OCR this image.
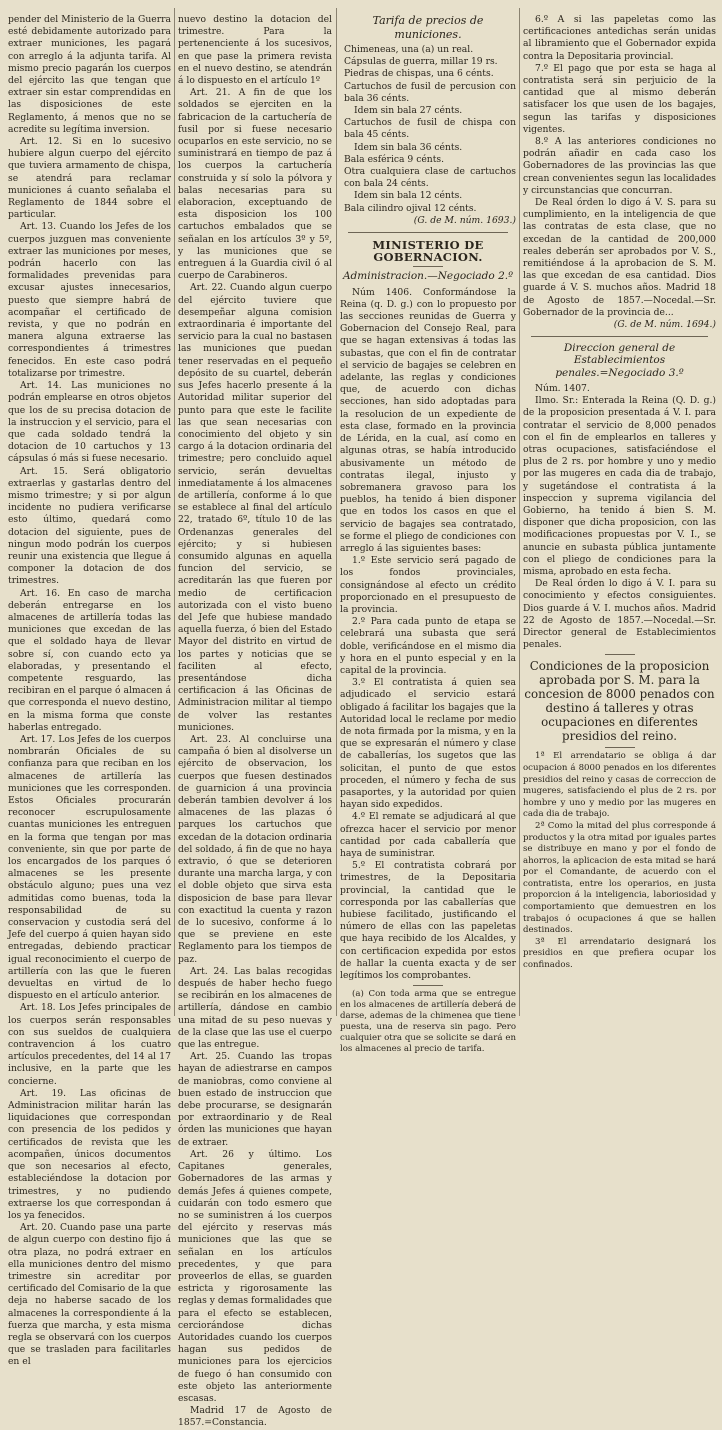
pender del Ministerio de la Guerra esté debidamente autorizado para extraer municiones, les pagará con arreglo á la adjunta tarifa. Al mismo precio pagarán los cuerpos del ejército las que tengan que extraer sin estar comprendidas en las disposiciones de este Reglamento, á menos que no se acredite su legítima inversion.

Art. 12. Si en lo sucesivo hubiere algun cuerpo del ejército que tuviera armamento de chispa, se atendrá para reclamar municiones á cuanto señalaba el Reglamento de 1844 sobre el particular.

Art. 13. Cuando los Jefes de los cuerpos juzguen mas conveniente extraer las municiones por meses, podrán hacerlo con las formalidades prevenidas para excusar ajustes innecesarios, puesto que siempre habrá de acompañar el certificado de revista, y que no podrán en manera alguna extraerse las correspondientes á trimestres fenecidos. En este caso podrá totalizarse por trimestre.

Art. 14. Las municiones no podrán emplearse en otros objetos que los de su precisa dotacion de la instruccion y el servicio, para el que cada soldado tendrá la dotacion de 10 cartuchos y 13 cápsulas ó más si fuese necesario.

Art. 15. Será obligatorio extraerlas y gastarlas dentro del mismo trimestre; y si por algun incidente no pudiera verificarse esto último, quedará como dotacion del siguiente, pues de ningun modo podrán los cuerpos reunir una existencia que llegue á componer la dotacion de dos trimestres.

Art. 16. En caso de marcha deberán entregarse en los almacenes de artillería todas las municiones que excedan de las que el soldado haya de llevar sobre sí, con cuando ecto ya elaboradas, y presentando el competente resguardo, las recibiran en el parque ó almacen á que corresponda el nuevo destino, en la misma forma que conste haberlas entregado.

Art. 17. Los Jefes de los cuerpos nombrarán Oficiales de su confianza para que reciban en los almacenes de artillería las municiones que les corresponden. Estos Oficiales procurarán reconocer escrupulosamente cuantas municiones les entreguen en la forma que tengan por mas conveniente, sin que por parte de los encargados de los parques ó almacenes se les presente obstáculo alguno; pues una vez admitidas como buenas, toda la responsabilidad de su conservacion y custodia será del Jefe del cuerpo á quien hayan sido entregadas, debiendo practicar igual reconocimiento el cuerpo de artillería con las que le fueren devueltas en virtud de lo dispuesto en el artículo anterior.

Art. 18. Los Jefes principales de los cuerpos serán responsables con sus sueldos de cualquiera contravencion á los cuatro artículos precedentes, del 14 al 17 inclusive, en la parte que les concierne.

Art. 19. Las oficinas de Administracion militar harán las liquidaciones que correspondan con presencia de los pedidos y certificados de revista que les acompañen, únicos documentos que son necesarios al efecto, estableciéndose la dotacion por trimestres, y no pudiendo extraerse los que correspondan á los ya fenecidos.

Art. 20. Cuando pase una parte de algun cuerpo con destino fijo á otra plaza, no podrá extraer en ella municiones dentro del mismo trimestre sin acreditar por certificado del Comisario de la que deja no haberse sacado de los almacenes la correspondiente á la fuerza que marcha, y esta misma regla se observará con los cuerpos que se trasladen para facilitarles en el

nuevo destino la dotacion del trimestre. Para la pertenenciente á los sucesivos, en que pase la primera revista en el nuevo destino, se atendrán á lo dispuesto en el artículo 1º

Art. 21. A fin de que los soldados se ejerciten en la fabricacion de la cartuchería de fusil por si fuese necesario ocuparlos en este servicio, no se suministrará en tiempo de paz á los cuerpos la cartuchería construida y sí solo la pólvora y balas necesarias para su elaboracion, exceptuando de esta disposicion los 100 cartuchos embalados que se señalan en los artículos 3º y 5º, y las municiones que se entreguen á la Guardia civil ó al cuerpo de Carabineros.

Art. 22. Cuando algun cuerpo del ejército tuviere que desempeñar alguna comision extraordinaria é importante del servicio para la cual no bastasen las municiones que puedan tener reservadas en el pequeño depósito de su cuartel, deberán sus Jefes hacerlo presente á la Autoridad militar superior del punto para que este le facilite las que sean necesarias con conocimiento del objeto y sin cargo á la dotacion ordinaria del trimestre; pero concluido aquel servicio, serán devueltas inmediatamente á los almacenes de artillería, conforme á lo que se establece al final del artículo 22, tratado 6º, título 10 de las Ordenanzas generales del ejército; y si hubiesen consumido algunas en aquella funcion del servicio, se acreditarán las que fueren por medio de certificacion autorizada con el visto bueno del Jefe que hubiese mandado aquella fuerza, ó bien del Estado Mayor del distrito en virtud de los partes y noticias que se faciliten al efecto, presentándose dicha certificacion á las Oficinas de Administracion militar al tiempo de volver las restantes municiones.

Art. 23. Al concluirse una campaña ó bien al disolverse un ejército de observacion, los cuerpos que fuesen destinados de guarnicion á una provincia deberán tambien devolver á los almacenes de las plazas ó parques los cartuchos que excedan de la dotacion ordinaria del soldado, á fin de que no haya extravio, ó que se deterioren durante una marcha larga, y con el doble objeto que sirva esta disposicion de base para llevar con exactitud la cuenta y razon de lo sucesivo, conforme á lo que se previene en este Reglamento para los tiempos de paz.

Art. 24. Las balas recogidas después de haber hecho fuego se recibirán en los almacenes de artillería, dándose en cambio una mitad de su peso nuevas y de la clase que las use el cuerpo que las entregue.

Art. 25. Cuando las tropas hayan de adiestrarse en campos de maniobras, como conviene al buen estado de instruccion que debe procurarse, se designarán por extraordinario y de Real órden las municiones que hayan de extraer.

Art. 26 y último. Los Capitanes generales, Gobernadores de las armas y demás Jefes á quienes compete, cuidarán con todo esmero que no se suministren á los cuerpos del ejército y reservas más municiones que las que se señalan en los artículos precedentes, y que para proveerlos de ellas, se guarden estricta y rigorosamente las reglas y demas formalidades que para el efecto se establecen, cerciorándose dichas Autoridades cuando los cuerpos hagan sus pedidos de municiones para los ejercicios de fuego ó han consumido con este objeto las anteriormente escasas.

Madrid 17 de Agosto de 1857.=Constancia.

Tarifa de precios de municiones.
Chimeneas, una (a) un real.
Cápsulas de guerra, millar 19 rs.
Piedras de chispas, una 6 cénts.
Cartuchos de fusil de percusion con bala 36 cénts.
Idem sin bala 27 cénts.
Cartuchos de fusil de chispa con bala 45 cénts.
Idem sin bala 36 cénts.
Bala esférica 9 cénts.
Otra cualquiera clase de cartuchos con bala 24 cénts.
Idem sin bala 12 cénts.
Bala cilindro ojival 12 cénts.
(G. de M. núm. 1693.)
MINISTERIO DE GOBERNACION.
Administracion.—Negociado 2.º

Núm 1406. Conformándose la Reina (q. D. g.) con lo propuesto por las secciones reunidas de Guerra y Gobernacion del Consejo Real, para que se hagan extensivas á todas las subastas, que con el fin de contratar el servicio de bagajes se celebren en adelante, las reglas y condiciones que, de acuerdo con dichas secciones, han sido adoptadas para la resolucion de un expediente de esta clase, formado en la provincia de Lérida, en la cual, así como en algunas otras, se había introducido abusivamente un método de contratas ilegal, injusto y sobremanera gravoso para los pueblos, ha tenido á bien disponer que en todos los casos en que el servicio de bagajes sea contratado, se forme el pliego de condiciones con arreglo á las siguientes bases:

1.º Este servicio será pagado de los fondos provinciales, consignándose al efecto un crédito proporcionado en el presupuesto de la provincia.

2.º Para cada punto de etapa se celebrará una subasta que será doble, verificándose en el mismo dia y hora en el punto especial y en la capital de la provincia.

3.º El contratista á quien sea adjudicado el servicio estará obligado á facilitar los bagajes que la Autoridad local le reclame por medio de nota firmada por la misma, y en la que se expresarán el número y clase de caballerías, los sugetos que las solicitan, el punto de que estos proceden, el número y fecha de sus pasaportes, y la autoridad por quien hayan sido expedidos.

4.º El remate se adjudicará al que ofrezca hacer el servicio por menor cantidad por cada caballería que haya de suministrar.

5.º El contratista cobrará por trimestres, de la Depositaria provincial, la cantidad que le corresponda por las caballerías que hubiese facilitado, justificando el número de ellas con las papeletas que haya recibido de los Alcaldes, y con certificacion expedida por estos de hallar la cuenta exacta y de ser legítimos los comprobantes.

(a) Con toda arma que se entregue en los almacenes de artillería deberá de darse, ademas de la chimenea que tiene puesta, una de reserva sin pago. Pero cualquier otra que se solicite se dará en los almacenes al precio de tarifa.

6.º A si las papeletas como las certificaciones antedichas serán unidas al libramiento que el Gobernador expida contra la Depositaria provincial.

7.º El pago que por esta se haga al contratista será sin perjuicio de la cantidad que al mismo deberán satisfacer los que usen de los bagajes, segun las tarifas y disposiciones vigentes.

8.º A las anteriores condiciones no podrán añadir en cada caso los Gobernadores de las provincias las que crean convenientes segun las localidades y circunstancias que concurran.

De Real órden lo digo á V. S. para su cumplimiento, en la inteligencia de que las contratas de esta clase, que no excedan de la cantidad de 200,000 reales deberán ser aprobados por V. S., remitiéndose á la aprobacion de S. M. las que excedan de esa cantidad. Dios guarde á V. S. muchos años. Madrid 18 de Agosto de 1857.—Nocedal.—Sr. Gobernador de la provincia de...

(G. de M. núm. 1694.)
Direccion general de Establecimientos penales.=Negociado 3.º

Núm. 1407.

Ilmo. Sr.: Enterada la Reina (Q. D. g.) de la proposicion presentada á V. I. para contratar el servicio de 8,000 penados con el fin de emplearlos en talleres y otras ocupaciones, satisfaciéndose el plus de 2 rs. por hombre y uno y medio por las mugeres en cada dia de trabajo, y sugetándose el contratista á la inspeccion y suprema vigilancia del Gobierno, ha tenido á bien S. M. disponer que dicha proposicion, con las modificaciones propuestas por V. I., se anuncie en subasta pública juntamente con el pliego de condiciones para la misma, aprobado en esta fecha.

De Real órden lo digo á V. I. para su conocimiento y efectos consiguientes. Dios guarde á V. I. muchos años. Madrid 22 de Agosto de 1857.—Nocedal.—Sr. Director general de Establecimientos penales.

Condiciones de la proposicion aprobada por S. M. para la concesion de 8000 penados con destino á talleres y otras ocupaciones en diferentes presidios del reino.

1ª El arrendatario se obliga á dar ocupacion á 8000 penados en los diferentes presidios del reino y casas de correccion de mugeres, satisfaciendo el plus de 2 rs. por hombre y uno y medio por las mugeres en cada dia de trabajo.

2ª Como la mitad del plus corresponde á productos y la otra mitad por iguales partes se distribuye en mano y por el fondo de ahorros, la aplicacion de esta mitad se hará por el Comandante, de acuerdo con el contratista, entre los operarios, en justa proporcion á la inteligencia, laboriosidad y comportamiento que demuestren en los trabajos ó ocupaciones á que se hallen destinados.

3ª El arrendatario designará los presidios en que prefiera ocupar los confinados.
